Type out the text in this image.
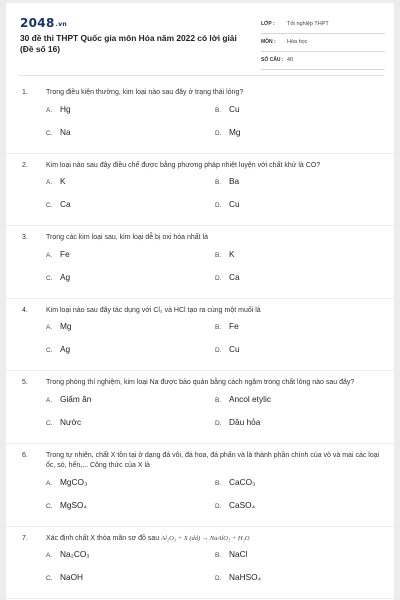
2048.vn
30 đề thi THPT Quốc gia môn Hóa năm 2022 có lời giải (Đề số 16)
LỚP : Tốt nghiệp THPT
MÔN : Hóa học
SỐ CÂU : 40
1.	Trong điều kiện thường, kim loại nào sau đây ở trạng thái lỏng?
A. Hg	B. Cu
C. Na	D. Mg
2.	Kim loại nào sau đây điều chế được bằng phương pháp nhiệt luyện với chất khử là CO?
A. K	B. Ba
C. Ca	D. Cu
3.	Trong các kim loại sau, kim loại dễ bị oxi hóa nhất là
A. Fe	B. K
C. Ag	D. Ca
4.	Kim loại nào sau đây tác dụng với Cl₂ và HCl tạo ra cùng một muối là
A. Mg	B. Fe
C. Ag	D. Cu
5.	Trong phòng thí nghiệm, kim loại Na được bảo quản bằng cách ngâm trong chất lỏng nào sau đây?
A. Giấm ăn	B. Ancol etylic
C. Nước	D. Dầu hỏa
6.	Trong tự nhiên, chất X tồn tại ở dạng đá vôi, đá hoa, đá phấn và là thành phần chính của vỏ và mai các loại ốc, sò, hến,... Công thức của X là
A. MgCO₃	B. CaCO₃
C. MgSO₄	D. CaSO₄
7.	Xác định chất X thỏa mãn sơ đồ sau Al₂O₃ + X (dd) → NaAlO₂ + H₂O
A. Na₂CO₃	B. NaCl
C. NaOH	D. NaHSO₄
